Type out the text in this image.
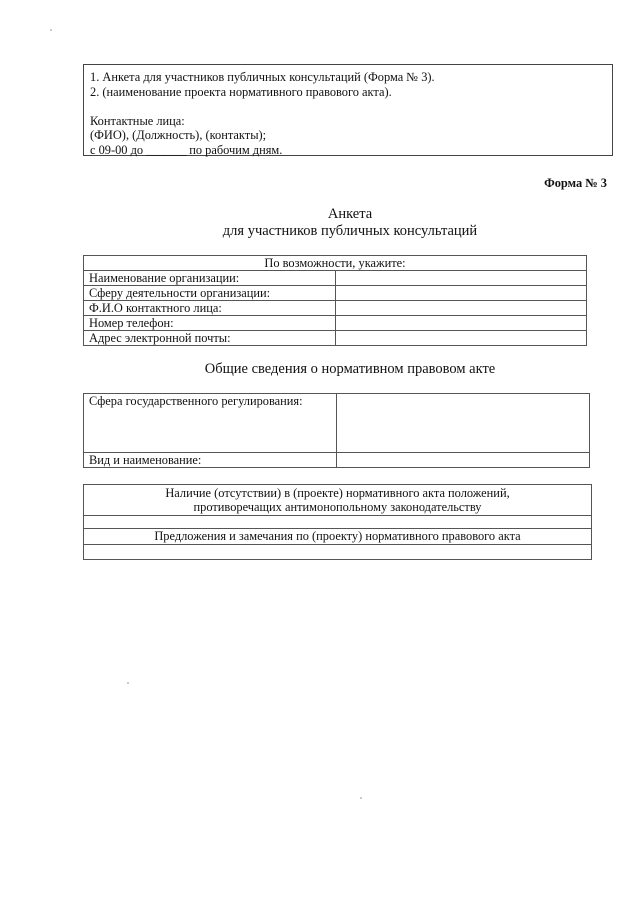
1. Анкета для участников публичных консультаций (Форма № 3).
2. (наименование проекта нормативного правового акта).
Контактные лица:
(ФИО), (Должность), (контакты);
с 09-00 до _______ по рабочим дням.
Форма № 3
Анкета
для участников публичных консультаций
По возможности, укажите:	
Наименование организации:	
Сферу деятельности организации:	
Ф.И.О контактного лица:	
Номер телефон:	
Адрес электронной почты:	
Общие сведения о нормативном правовом акте
Сфера государственного регулирования:	
Вид и наименование:	
Наличие (отсутствии) в (проекте) нормативного акта положений, противоречащих антимонопольному законодательству

Предложения и замечания по (проекту) нормативного правового акта
